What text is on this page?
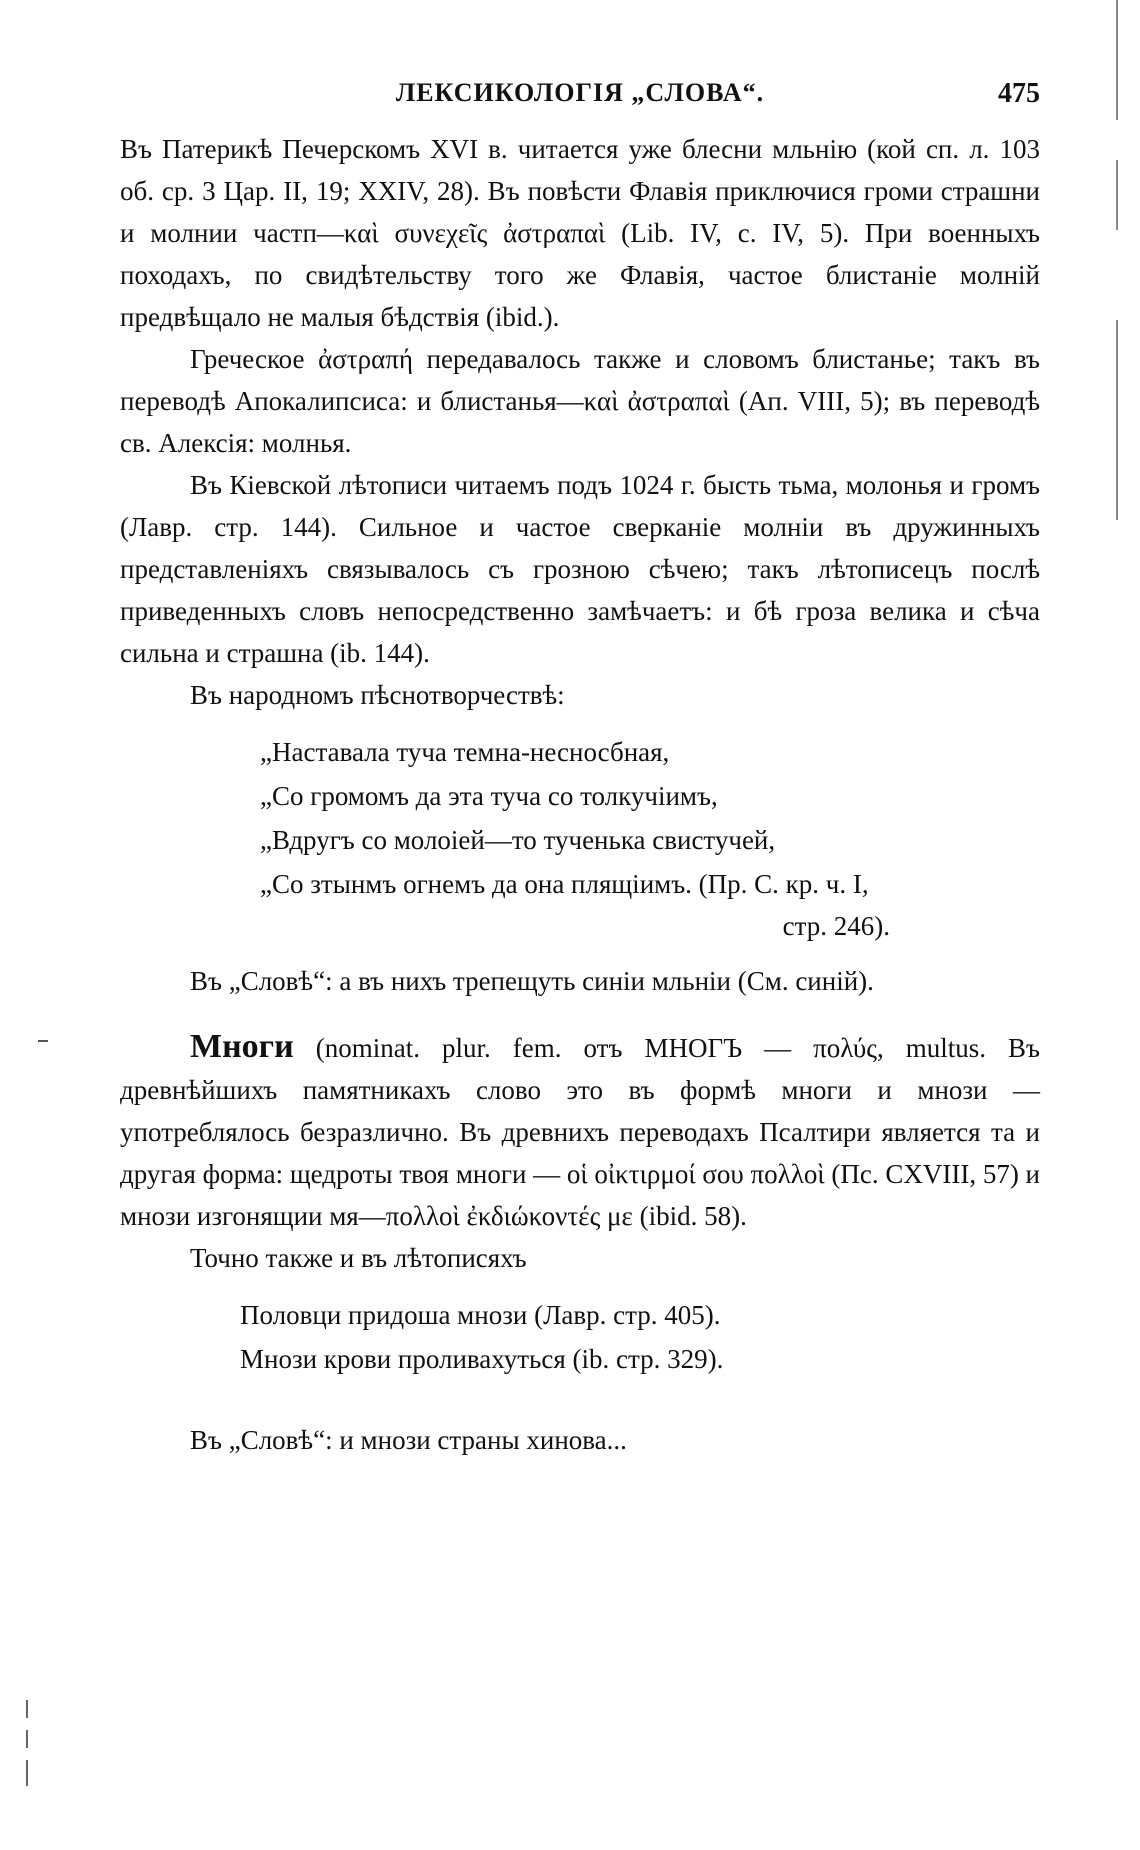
ЛЕКСИКОЛОГІЯ „СЛОВА“.	475

Въ Патерикѣ Печерскомъ XVI в. читается уже блесни мльнію (кой сп. л. 103 об. ср. 3 Цар. II, 19; XXIV, 28). Въ повѣсти Флавія приключися громи страшни и молнии частп—καὶ συνεχεῖς ἀστραπαὶ (Lib. IV, с. IV, 5). При военныхъ походахъ, по свидѣтельству того же Флавія, частое блистаніе молній предвѣщало не малыя бѣдствія (ibid.).

Греческое ἀστραπή передавалось также и словомъ блистанье; такъ въ переводѣ Апокалипсиса: и блистанья—καὶ ἀστραπαὶ (Ап. VIII, 5); въ переводѣ св. Алексія: молнья.

Въ Кіевской лѣтописи читаемъ подъ 1024 г. бысть тьма, молонья и громъ (Лавр. стр. 144). Сильное и частое сверканіе молніи въ дружинныхъ представленіяхъ связывалось съ грозною сѣчею; такъ лѣтописецъ послѣ приведенныхъ словъ непосредственно замѣчаетъ: и бѣ гроза велика и сѣча сильна и страшна (ib. 144).

Въ народномъ пѣснотворчествѣ:

„Наставала туча темна-несносбная,
„Со громомъ да эта туча со толкучіимъ,
„Вдругъ со молоіей—то тученька свистучей,
„Со зтынмъ огнемъ да она плящіимъ. (Пр. С. кр. ч. I,
стр. 246).

Въ „Словѣ“: а въ нихъ трепещуть синіи мльніи (См. синій).

Многи (nominat. plur. fem. отъ МНОГЪ — πολύς, multus. Въ древнѣйшихъ памятникахъ слово это въ формѣ многи и мнози — употреблялось безразлично. Въ древнихъ переводахъ Псалтири является та и другая форма: щедроты твоя многи — οἱ οἰκτιρμοί σου πολλοὶ (Пс. CXVIII, 57) и мнози изгонящии мя—πολλοὶ ἐκδιώκοντές με (ibid. 58).

Точно также и въ лѣтописяхъ

Половци придоша мнози (Лавр. стр. 405).
Мнози крови проливахуться (ib. стр. 329).

Въ „Словѣ“: и мнози страны хинова...
